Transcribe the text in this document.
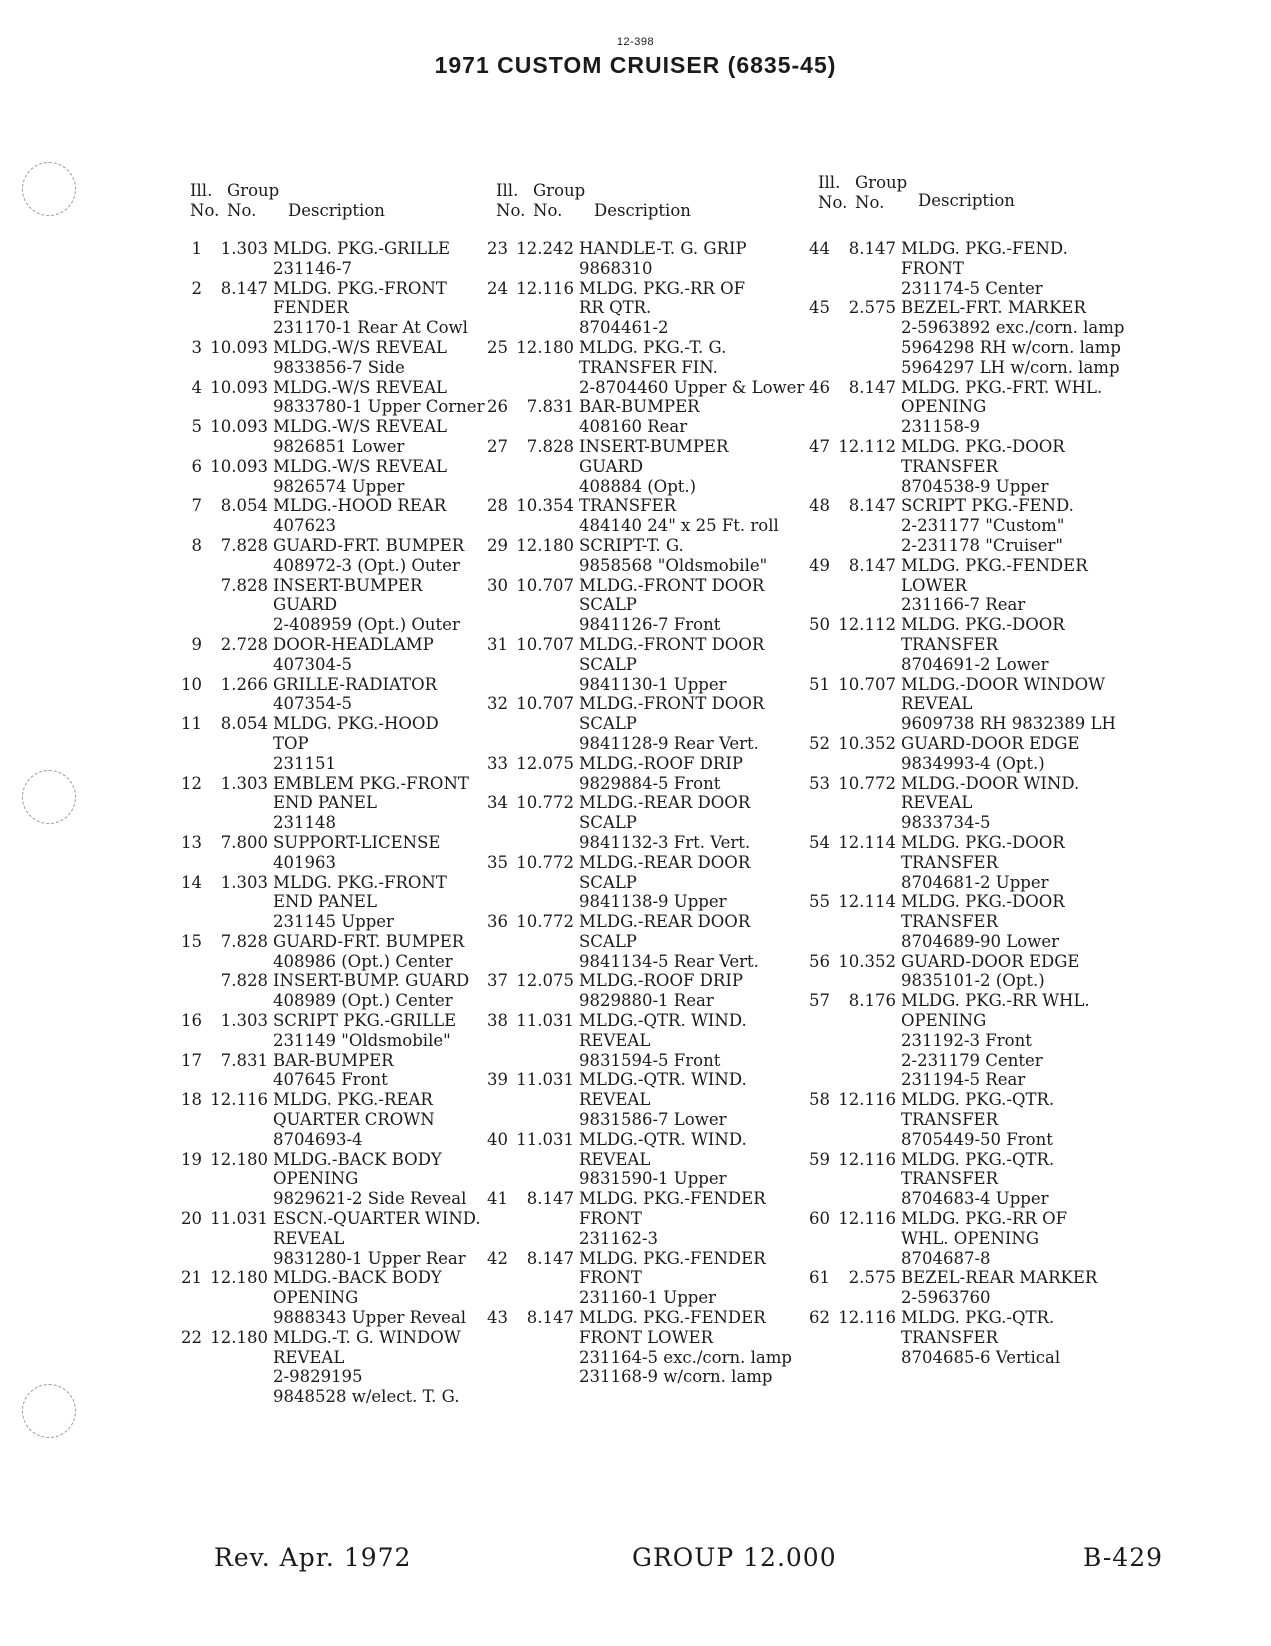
12-398
1971 CUSTOM CRUISER (6835-45)
Ill.
No.
Group
No. Description
1	1.303 MLDG. PKG.-GRILLE
231146-7
2	8.147 MLDG. PKG.-FRONT
FENDER
231170-1 Rear At Cowl
3 10.093 MLDG.-W/S REVEAL
9833856-7 Side
4 10.093 MLDG.-W/S REVEAL
9833780-1 Upper Corner
5 10.093 MLDG.-W/S REVEAL
9826851 Lower
6 10.093 MLDG.-W/S REVEAL
9826574 Upper
7	8.054 MLDG.-HOOD REAR
407623
8	7.828 GUARD-FRT. BUMPER
408972-3 (Opt.) Outer
7.828 INSERT-BUMPER
GUARD
2-408959 (Opt.) Outer
9	2.728 DOOR-HEADLAMP
407304-5
10	1.266 GRILLE-RADIATOR
407354-5
11	8.054 MLDG. PKG.-HOOD
TOP
231151
12	1.303 EMBLEM PKG.-FRONT
END PANEL
231148
13	7.800 SUPPORT-LICENSE
401963
14	1.303 MLDG. PKG.-FRONT
END PANEL
231145 Upper
15	7.828 GUARD-FRT. BUMPER
408986 (Opt.) Center
7.828 INSERT-BUMP. GUARD
408989 (Opt.) Center
16	1.303 SCRIPT PKG.-GRILLE
231149 "Oldsmobile"
17	7.831 BAR-BUMPER
407645 Front
18 12.116 MLDG. PKG.-REAR
QUARTER CROWN
8704693-4
19 12.180 MLDG.-BACK BODY
OPENING
9829621-2 Side Reveal
20 11.031 ESCN.-QUARTER WIND.
REVEAL
9831280-1 Upper Rear
21 12.180 MLDG.-BACK BODY
OPENING
9888343 Upper Reveal
22 12.180 MLDG.-T. G. WINDOW
REVEAL
2-9829195
9848528 w/elect. T. G.
Ill.
No.
Group
No. Description
23 12.242 HANDLE-T. G. GRIP
9868310
24 12.116 MLDG. PKG.-RR OF
RR QTR.
8704461-2
25 12.180 MLDG. PKG.-T. G.
TRANSFER FIN.
2-8704460 Upper & Lower
26	7.831 BAR-BUMPER
408160 Rear
27	7.828 INSERT-BUMPER
GUARD
408884 (Opt.)
28 10.354 TRANSFER
484140 24" x 25 Ft. roll
29 12.180 SCRIPT-T. G.
9858568 "Oldsmobile"
30 10.707 MLDG.-FRONT DOOR
SCALP
9841126-7 Front
31 10.707 MLDG.-FRONT DOOR
SCALP
9841130-1 Upper
32 10.707 MLDG.-FRONT DOOR
SCALP
9841128-9 Rear Vert.
33 12.075 MLDG.-ROOF DRIP
9829884-5 Front
34 10.772 MLDG.-REAR DOOR
SCALP
9841132-3 Frt. Vert.
35 10.772 MLDG.-REAR DOOR
SCALP
9841138-9 Upper
36 10.772 MLDG.-REAR DOOR
SCALP
9841134-5 Rear Vert.
37 12.075 MLDG.-ROOF DRIP
9829880-1 Rear
38 11.031 MLDG.-QTR. WIND.
REVEAL
9831594-5 Front
39 11.031 MLDG.-QTR. WIND.
REVEAL
9831586-7 Lower
40 11.031 MLDG.-QTR. WIND.
REVEAL
9831590-1 Upper
41	8.147 MLDG. PKG.-FENDER
FRONT
231162-3
42	8.147 MLDG. PKG.-FENDER
FRONT
231160-1 Upper
43	8.147 MLDG. PKG.-FENDER
FRONT LOWER
231164-5 exc./corn. lamp
231168-9 w/corn. lamp
Ill.
No.
Group
No. Description
44	8.147 MLDG. PKG.-FEND.
FRONT
231174-5 Center
45	2.575 BEZEL-FRT. MARKER
2-5963892 exc./corn. lamp
5964298 RH w/corn. lamp
5964297 LH w/corn. lamp
46	8.147 MLDG. PKG.-FRT. WHL.
OPENING
231158-9
47 12.112 MLDG. PKG.-DOOR
TRANSFER
8704538-9 Upper
48	8.147 SCRIPT PKG.-FEND.
2-231177 "Custom"
2-231178 "Cruiser"
49	8.147 MLDG. PKG.-FENDER
LOWER
231166-7 Rear
50 12.112 MLDG. PKG.-DOOR
TRANSFER
8704691-2 Lower
51 10.707 MLDG.-DOOR WINDOW
REVEAL
9609738 RH 9832389 LH
52 10.352 GUARD-DOOR EDGE
9834993-4 (Opt.)
53 10.772 MLDG.-DOOR WIND.
REVEAL
9833734-5
54 12.114 MLDG. PKG.-DOOR
TRANSFER
8704681-2 Upper
55 12.114 MLDG. PKG.-DOOR
TRANSFER
8704689-90 Lower
56 10.352 GUARD-DOOR EDGE
9835101-2 (Opt.)
57	8.176 MLDG. PKG.-RR WHL.
OPENING
231192-3 Front
2-231179 Center
231194-5 Rear
58 12.116 MLDG. PKG.-QTR.
TRANSFER
8705449-50 Front
59 12.116 MLDG. PKG.-QTR.
TRANSFER
8704683-4 Upper
60 12.116 MLDG. PKG.-RR OF
WHL. OPENING
8704687-8
61	2.575 BEZEL-REAR MARKER
2-5963760
62 12.116 MLDG. PKG.-QTR.
TRANSFER
8704685-6 Vertical
Rev. Apr. 1972	GROUP 12.000	B-429
